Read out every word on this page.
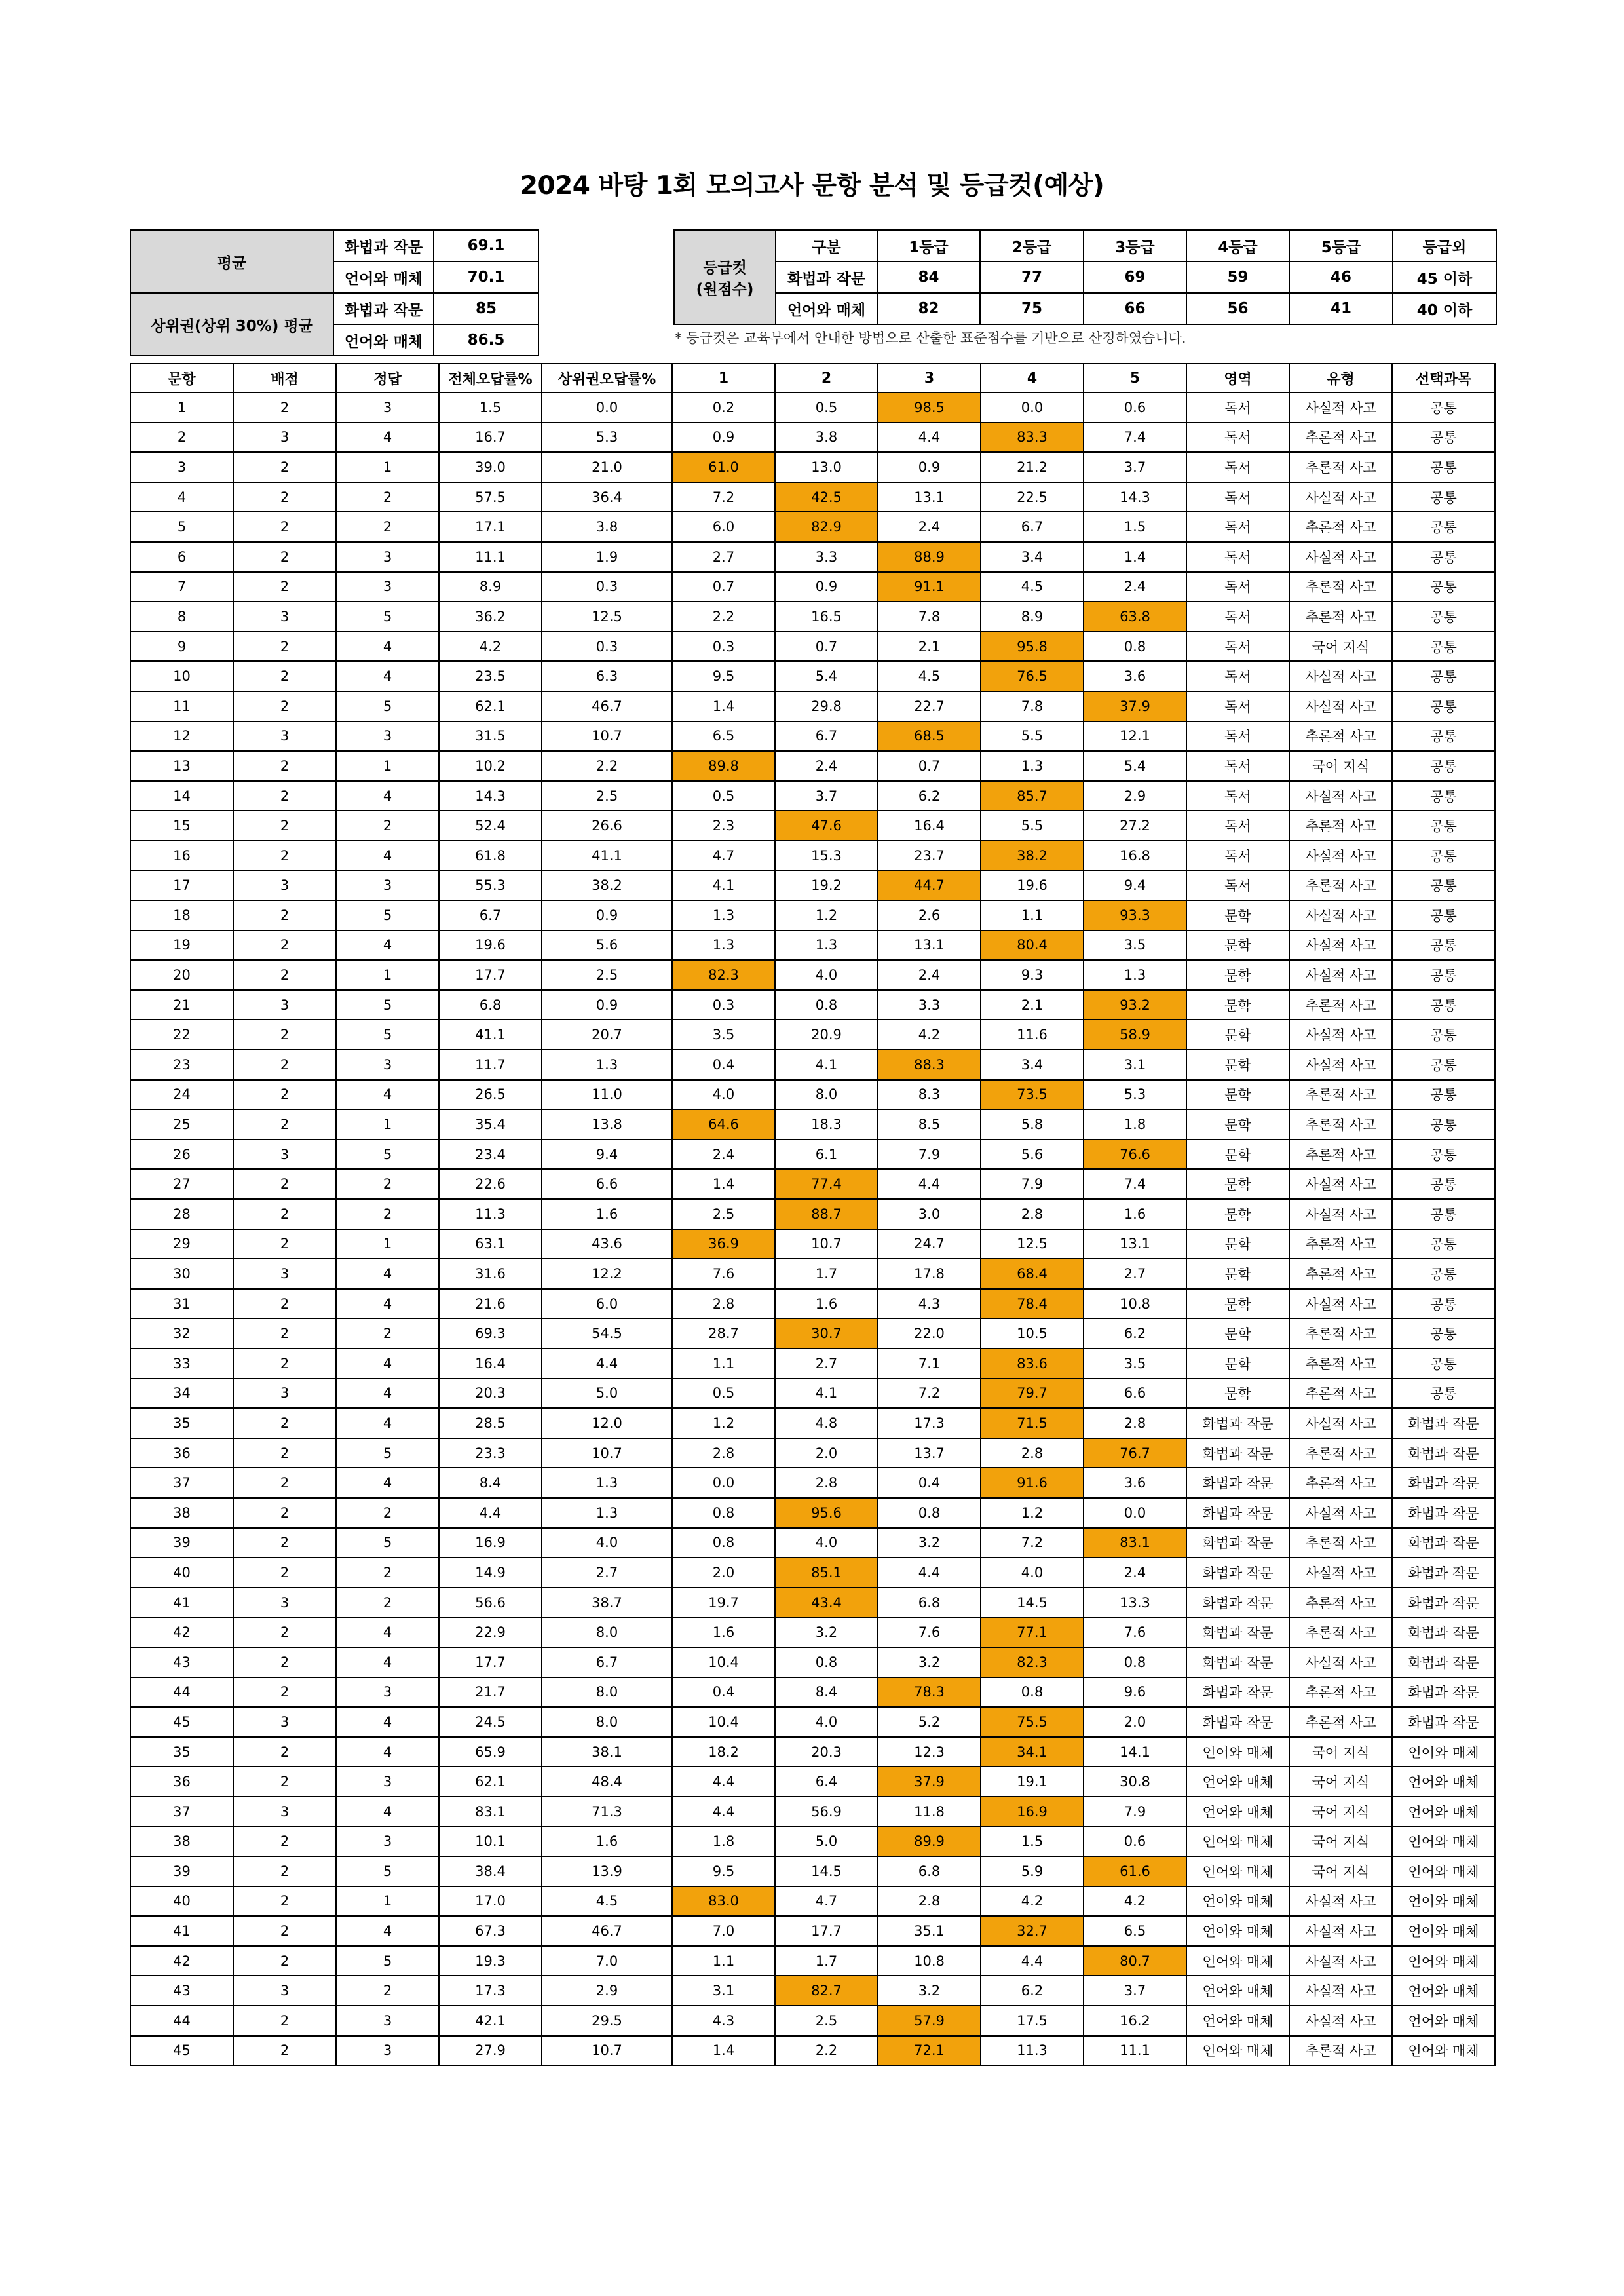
2024 바탕 1회 모의고사 문항 분석 및 등급컷(예상)
평균	화법과 작문	69.1
	언어와 매체	70.1
상위권(상위 30%) 평균	화법과 작문	85
	언어와 매체	86.5
등급컷
(원점수)	구분	1등급	2등급	3등급	4등급	5등급	등급외
	화법과 작문	84	77	69	59	46	45 이하
	언어와 매체	82	75	66	56	41	40 이하
* 등급컷은 교육부에서 안내한 방법으로 산출한 표준점수를 기반으로 산정하였습니다.
문항	배점	정답	전체오답률%	상위권오답률%	1	2	3	4	5	영역	유형	선택과목
1	2	3	1.5	0.0	0.2	0.5	98.5	0.0	0.6	독서	사실적 사고	공통
2	3	4	16.7	5.3	0.9	3.8	4.4	83.3	7.4	독서	추론적 사고	공통
3	2	1	39.0	21.0	61.0	13.0	0.9	21.2	3.7	독서	추론적 사고	공통
4	2	2	57.5	36.4	7.2	42.5	13.1	22.5	14.3	독서	사실적 사고	공통
5	2	2	17.1	3.8	6.0	82.9	2.4	6.7	1.5	독서	추론적 사고	공통
6	2	3	11.1	1.9	2.7	3.3	88.9	3.4	1.4	독서	사실적 사고	공통
7	2	3	8.9	0.3	0.7	0.9	91.1	4.5	2.4	독서	추론적 사고	공통
8	3	5	36.2	12.5	2.2	16.5	7.8	8.9	63.8	독서	추론적 사고	공통
9	2	4	4.2	0.3	0.3	0.7	2.1	95.8	0.8	독서	국어 지식	공통
10	2	4	23.5	6.3	9.5	5.4	4.5	76.5	3.6	독서	사실적 사고	공통
11	2	5	62.1	46.7	1.4	29.8	22.7	7.8	37.9	독서	사실적 사고	공통
12	3	3	31.5	10.7	6.5	6.7	68.5	5.5	12.1	독서	추론적 사고	공통
13	2	1	10.2	2.2	89.8	2.4	0.7	1.3	5.4	독서	국어 지식	공통
14	2	4	14.3	2.5	0.5	3.7	6.2	85.7	2.9	독서	사실적 사고	공통
15	2	2	52.4	26.6	2.3	47.6	16.4	5.5	27.2	독서	추론적 사고	공통
16	2	4	61.8	41.1	4.7	15.3	23.7	38.2	16.8	독서	사실적 사고	공통
17	3	3	55.3	38.2	4.1	19.2	44.7	19.6	9.4	독서	추론적 사고	공통
18	2	5	6.7	0.9	1.3	1.2	2.6	1.1	93.3	문학	사실적 사고	공통
19	2	4	19.6	5.6	1.3	1.3	13.1	80.4	3.5	문학	사실적 사고	공통
20	2	1	17.7	2.5	82.3	4.0	2.4	9.3	1.3	문학	사실적 사고	공통
21	3	5	6.8	0.9	0.3	0.8	3.3	2.1	93.2	문학	추론적 사고	공통
22	2	5	41.1	20.7	3.5	20.9	4.2	11.6	58.9	문학	사실적 사고	공통
23	2	3	11.7	1.3	0.4	4.1	88.3	3.4	3.1	문학	사실적 사고	공통
24	2	4	26.5	11.0	4.0	8.0	8.3	73.5	5.3	문학	추론적 사고	공통
25	2	1	35.4	13.8	64.6	18.3	8.5	5.8	1.8	문학	추론적 사고	공통
26	3	5	23.4	9.4	2.4	6.1	7.9	5.6	76.6	문학	추론적 사고	공통
27	2	2	22.6	6.6	1.4	77.4	4.4	7.9	7.4	문학	사실적 사고	공통
28	2	2	11.3	1.6	2.5	88.7	3.0	2.8	1.6	문학	사실적 사고	공통
29	2	1	63.1	43.6	36.9	10.7	24.7	12.5	13.1	문학	추론적 사고	공통
30	3	4	31.6	12.2	7.6	1.7	17.8	68.4	2.7	문학	추론적 사고	공통
31	2	4	21.6	6.0	2.8	1.6	4.3	78.4	10.8	문학	사실적 사고	공통
32	2	2	69.3	54.5	28.7	30.7	22.0	10.5	6.2	문학	추론적 사고	공통
33	2	4	16.4	4.4	1.1	2.7	7.1	83.6	3.5	문학	추론적 사고	공통
34	3	4	20.3	5.0	0.5	4.1	7.2	79.7	6.6	문학	추론적 사고	공통
35	2	4	28.5	12.0	1.2	4.8	17.3	71.5	2.8	화법과 작문	사실적 사고	화법과 작문
36	2	5	23.3	10.7	2.8	2.0	13.7	2.8	76.7	화법과 작문	추론적 사고	화법과 작문
37	2	4	8.4	1.3	0.0	2.8	0.4	91.6	3.6	화법과 작문	추론적 사고	화법과 작문
38	2	2	4.4	1.3	0.8	95.6	0.8	1.2	0.0	화법과 작문	사실적 사고	화법과 작문
39	2	5	16.9	4.0	0.8	4.0	3.2	7.2	83.1	화법과 작문	추론적 사고	화법과 작문
40	2	2	14.9	2.7	2.0	85.1	4.4	4.0	2.4	화법과 작문	사실적 사고	화법과 작문
41	3	2	56.6	38.7	19.7	43.4	6.8	14.5	13.3	화법과 작문	추론적 사고	화법과 작문
42	2	4	22.9	8.0	1.6	3.2	7.6	77.1	7.6	화법과 작문	추론적 사고	화법과 작문
43	2	4	17.7	6.7	10.4	0.8	3.2	82.3	0.8	화법과 작문	사실적 사고	화법과 작문
44	2	3	21.7	8.0	0.4	8.4	78.3	0.8	9.6	화법과 작문	추론적 사고	화법과 작문
45	3	4	24.5	8.0	10.4	4.0	5.2	75.5	2.0	화법과 작문	추론적 사고	화법과 작문
35	2	4	65.9	38.1	18.2	20.3	12.3	34.1	14.1	언어와 매체	국어 지식	언어와 매체
36	2	3	62.1	48.4	4.4	6.4	37.9	19.1	30.8	언어와 매체	국어 지식	언어와 매체
37	3	4	83.1	71.3	4.4	56.9	11.8	16.9	7.9	언어와 매체	국어 지식	언어와 매체
38	2	3	10.1	1.6	1.8	5.0	89.9	1.5	0.6	언어와 매체	국어 지식	언어와 매체
39	2	5	38.4	13.9	9.5	14.5	6.8	5.9	61.6	언어와 매체	국어 지식	언어와 매체
40	2	1	17.0	4.5	83.0	4.7	2.8	4.2	4.2	언어와 매체	사실적 사고	언어와 매체
41	2	4	67.3	46.7	7.0	17.7	35.1	32.7	6.5	언어와 매체	사실적 사고	언어와 매체
42	2	5	19.3	7.0	1.1	1.7	10.8	4.4	80.7	언어와 매체	사실적 사고	언어와 매체
43	3	2	17.3	2.9	3.1	82.7	3.2	6.2	3.7	언어와 매체	사실적 사고	언어와 매체
44	2	3	42.1	29.5	4.3	2.5	57.9	17.5	16.2	언어와 매체	사실적 사고	언어와 매체
45	2	3	27.9	10.7	1.4	2.2	72.1	11.3	11.1	언어와 매체	추론적 사고	언어와 매체
